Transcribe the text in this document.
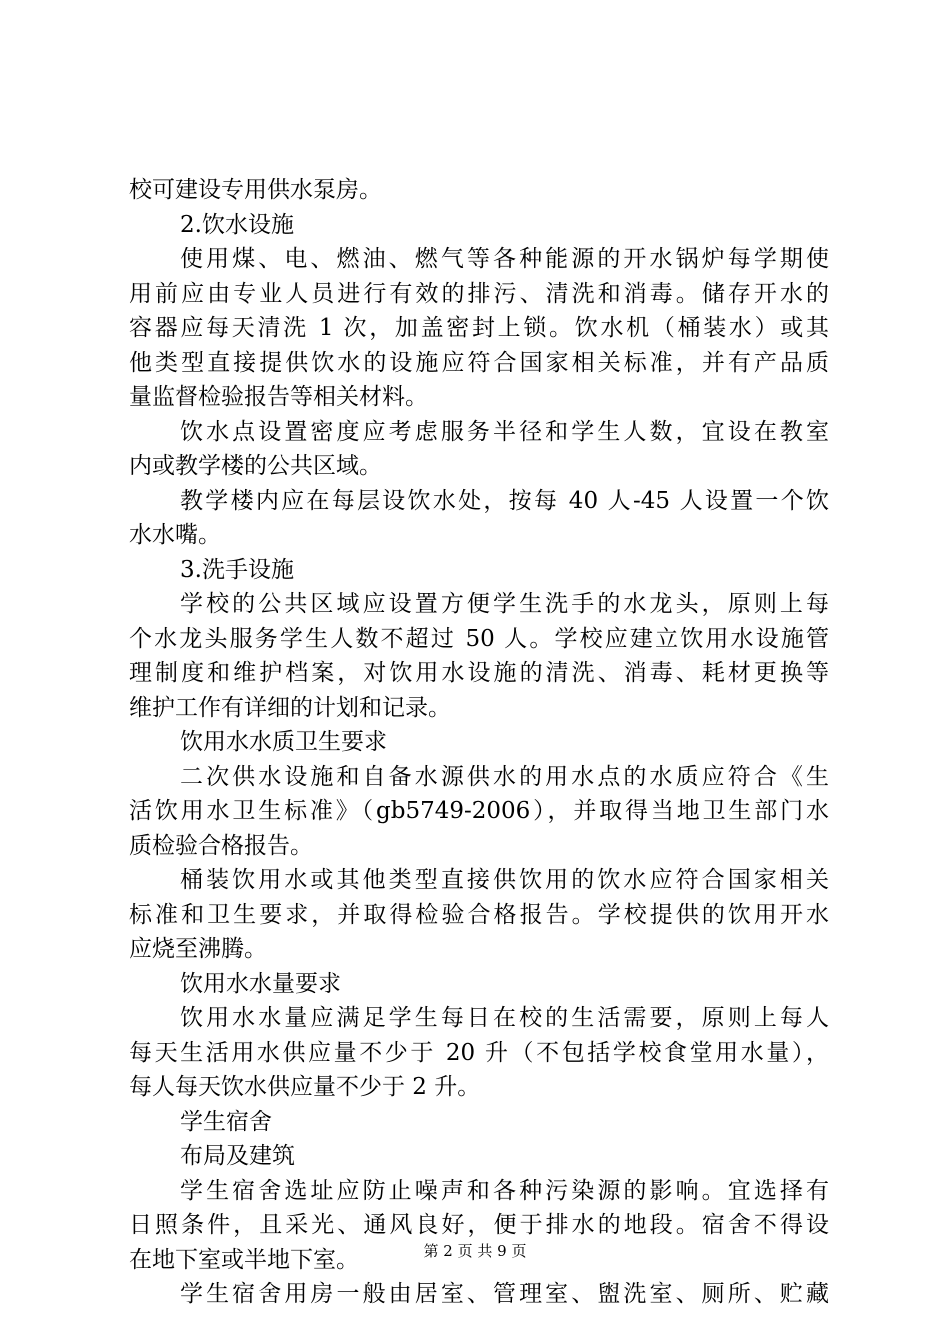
校可建设专用供水泵房。
2.饮水设施
使用煤、电、燃油、燃气等各种能源的开水锅炉每学期使
用前应由专业人员进行有效的排污、清洗和消毒。储存开水的
容器应每天清洗 1 次，加盖密封上锁。饮水机（桶装水）或其
他类型直接提供饮水的设施应符合国家相关标准，并有产品质
量监督检验报告等相关材料。
饮水点设置密度应考虑服务半径和学生人数，宜设在教室
内或教学楼的公共区域。
教学楼内应在每层设饮水处，按每 40 人-45 人设置一个饮
水水嘴。
3.洗手设施
学校的公共区域应设置方便学生洗手的水龙头，原则上每
个水龙头服务学生人数不超过 50 人。学校应建立饮用水设施管
理制度和维护档案，对饮用水设施的清洗、消毒、耗材更换等
维护工作有详细的计划和记录。
饮用水水质卫生要求
二次供水设施和自备水源供水的用水点的水质应符合《生
活饮用水卫生标准》（gb5749-2006），并取得当地卫生部门水
质检验合格报告。
桶装饮用水或其他类型直接供饮用的饮水应符合国家相关
标准和卫生要求，并取得检验合格报告。学校提供的饮用开水
应烧至沸腾。
饮用水水量要求
饮用水水量应满足学生每日在校的生活需要，原则上每人
每天生活用水供应量不少于 20 升（不包括学校食堂用水量），
每人每天饮水供应量不少于 2 升。
学生宿舍
布局及建筑
学生宿舍选址应防止噪声和各种污染源的影响。宜选择有
日照条件，且采光、通风良好，便于排水的地段。宿舍不得设
在地下室或半地下室。
学生宿舍用房一般由居室、管理室、盥洗室、厕所、贮藏
第 2 页 共 9 页
